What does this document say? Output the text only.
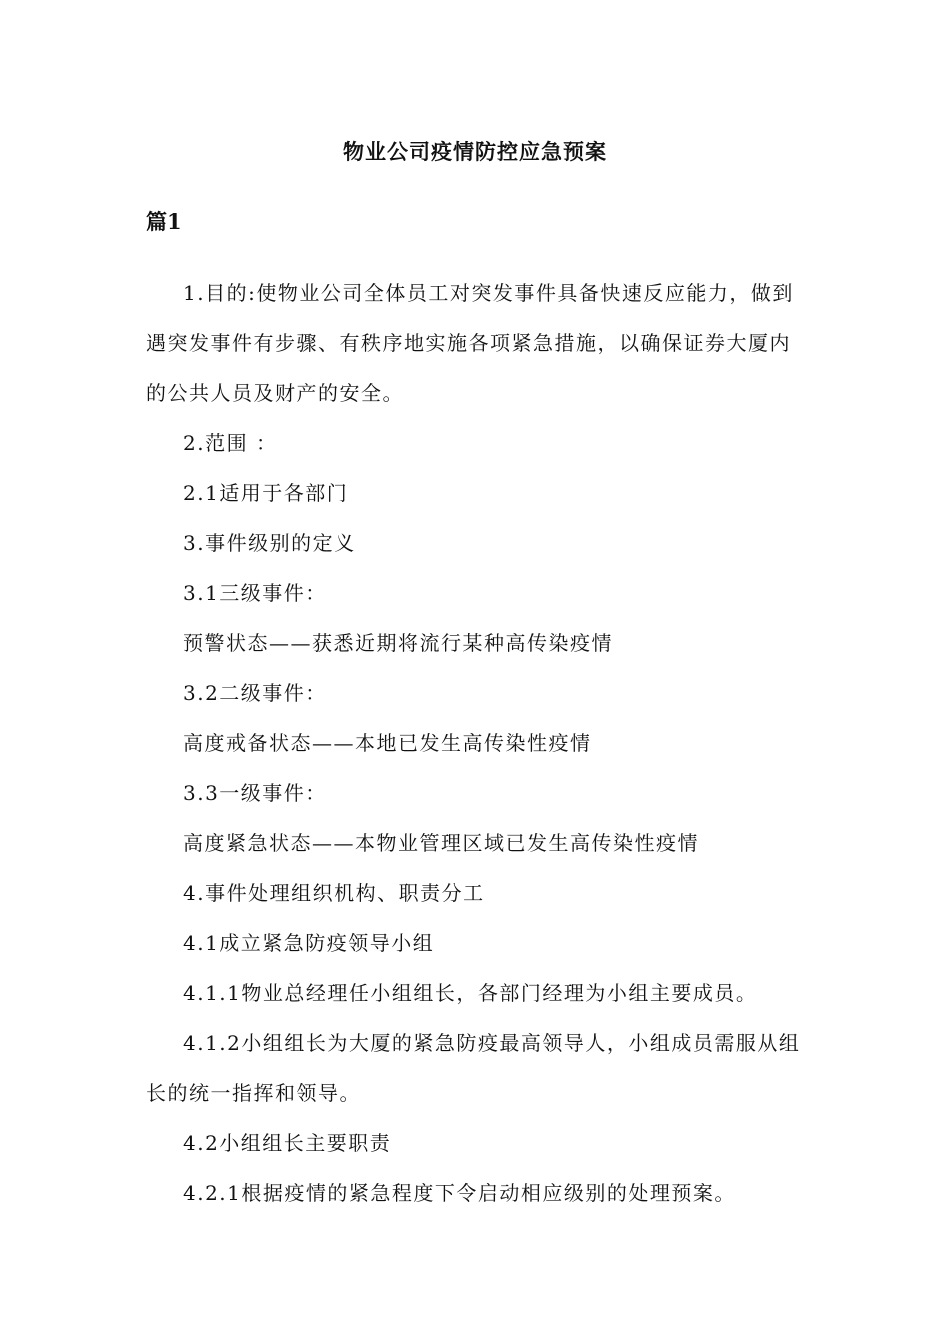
物业公司疫情防控应急预案
篇1

1.目的:使物业公司全体员工对突发事件具备快速反应能力，做到遇突发事件有步骤、有秩序地实施各项紧急措施，以确保证券大厦内的公共人员及财产的安全。

2.范围 ：

2.1适用于各部门

3.事件级别的定义

3.1三级事件：

预警状态——获悉近期将流行某种高传染疫情

3.2二级事件：

高度戒备状态——本地已发生高传染性疫情

3.3一级事件：

高度紧急状态——本物业管理区域已发生高传染性疫情

4.事件处理组织机构、职责分工

4.1成立紧急防疫领导小组

4.1.1物业总经理任小组组长，各部门经理为小组主要成员。

4.1.2小组组长为大厦的紧急防疫最高领导人，小组成员需服从组长的统一指挥和领导。

4.2小组组长主要职责

4.2.1根据疫情的紧急程度下令启动相应级别的处理预案。
